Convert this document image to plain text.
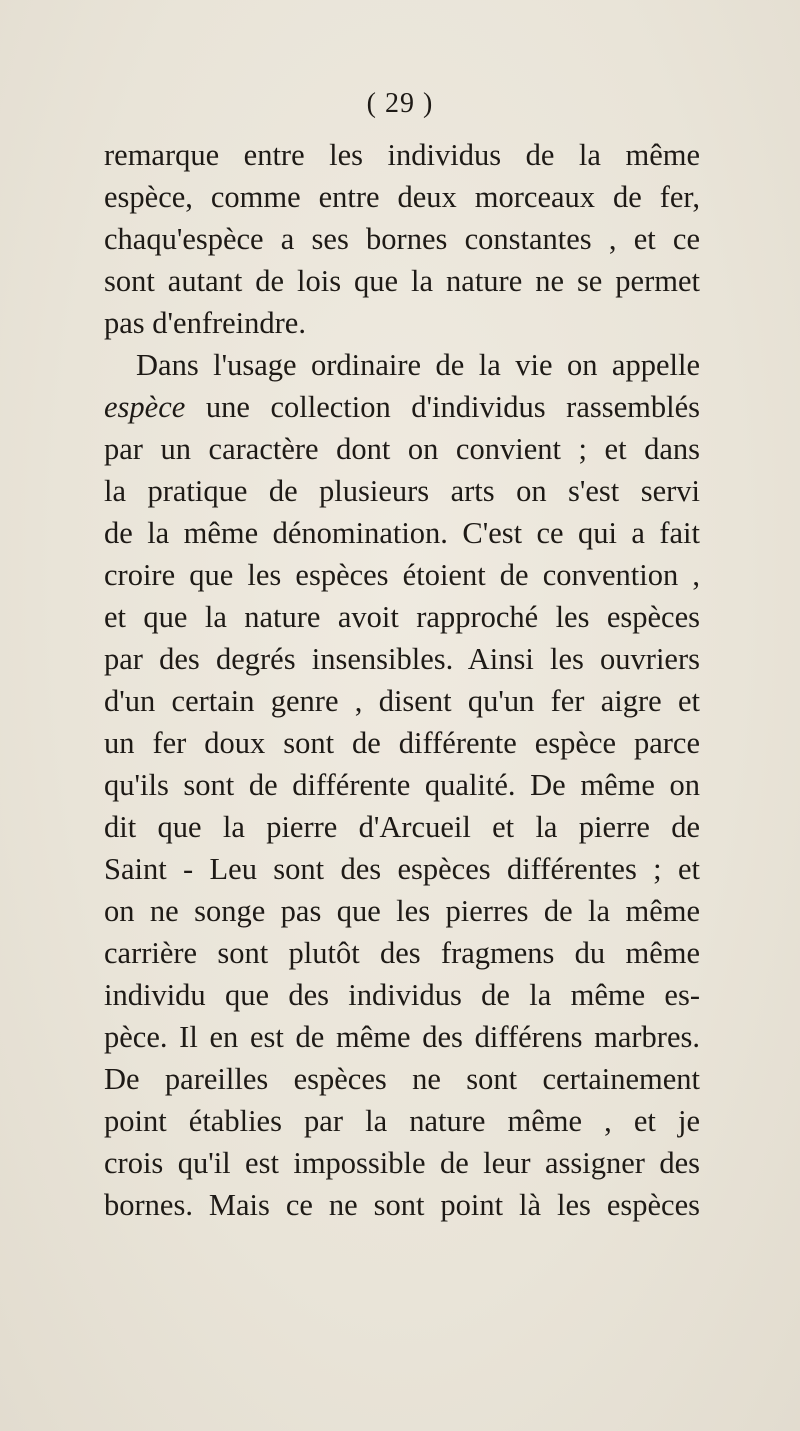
( 29 )
remarque entre les individus de la même
espèce, comme entre deux morceaux de fer,
chaqu'espèce a ses bornes constantes , et ce
sont autant de lois que la nature ne se permet
pas d'enfreindre.
Dans l'usage ordinaire de la vie on appelle
espèce une collection d'individus rassemblés
par un caractère dont on convient ; et dans
la pratique de plusieurs arts on s'est servi
de la même dénomination. C'est ce qui a fait
croire que les espèces étoient de convention ,
et que la nature avoit rapproché les espèces
par des degrés insensibles. Ainsi les ouvriers
d'un certain genre , disent qu'un fer aigre et
un fer doux sont de différente espèce parce
qu'ils sont de différente qualité. De même on
dit que la pierre d'Arcueil et la pierre de
Saint - Leu sont des espèces différentes ; et
on ne songe pas que les pierres de la même
carrière sont plutôt des fragmens du même
individu que des individus de la même es-
pèce. Il en est de même des différens marbres.
De pareilles espèces ne sont certainement
point établies par la nature même , et je
crois qu'il est impossible de leur assigner des
bornes. Mais ce ne sont point là les espèces
